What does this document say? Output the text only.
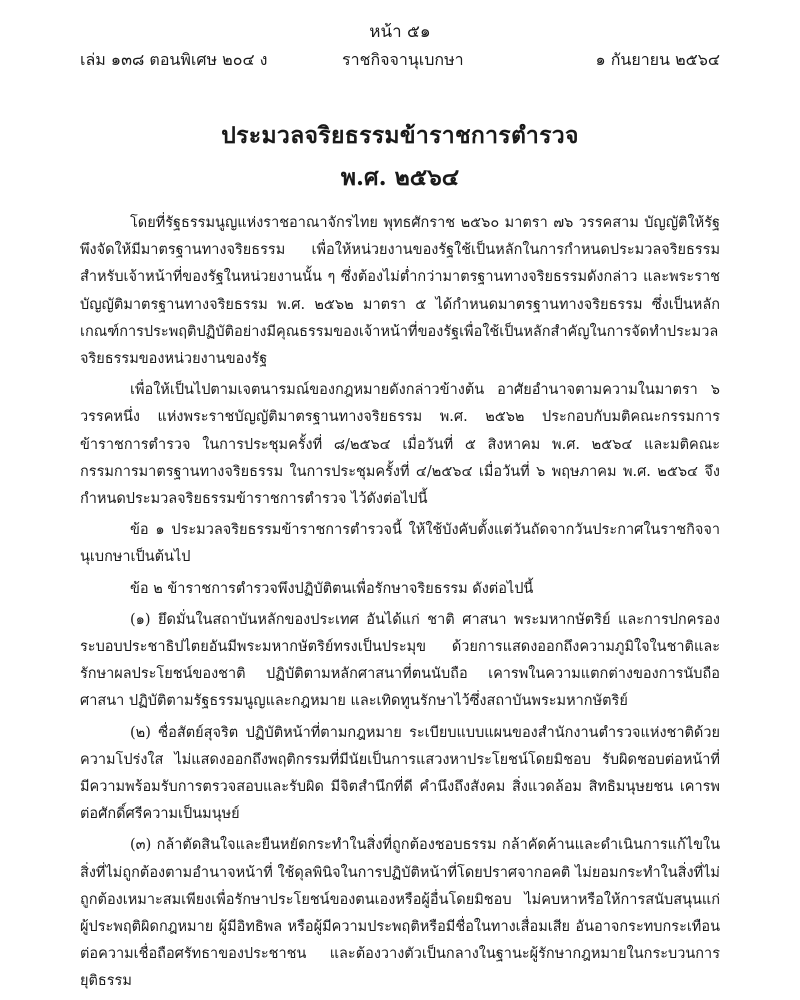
หน้า ๕๑
เล่ม ๑๓๘ ตอนพิเศษ ๒๐๔ ง	ราชกิจจานุเบกษา	๑ กันยายน ๒๕๖๔
ประมวลจริยธรรมข้าราชการตำรวจ
พ.ศ. ๒๕๖๔

โดยที่รัฐธรรมนูญแห่งราชอาณาจักรไทย พุทธศักราช ๒๕๖๐ มาตรา ๗๖ วรรคสาม บัญญัติให้รัฐพึงจัดให้มีมาตรฐานทางจริยธรรม เพื่อให้หน่วยงานของรัฐใช้เป็นหลักในการกำหนดประมวลจริยธรรมสำหรับเจ้าหน้าที่ของรัฐในหน่วยงานนั้น ๆ ซึ่งต้องไม่ต่ำกว่ามาตรฐานทางจริยธรรมดังกล่าว และพระราชบัญญัติมาตรฐานทางจริยธรรม พ.ศ. ๒๕๖๒ มาตรา ๕ ได้กำหนดมาตรฐานทางจริยธรรม ซึ่งเป็นหลักเกณฑ์การประพฤติปฏิบัติอย่างมีคุณธรรมของเจ้าหน้าที่ของรัฐเพื่อใช้เป็นหลักสำคัญในการจัดทำประมวลจริยธรรมของหน่วยงานของรัฐ

เพื่อให้เป็นไปตามเจตนารมณ์ของกฎหมายดังกล่าวข้างต้น อาศัยอำนาจตามความในมาตรา ๖ วรรคหนึ่ง แห่งพระราชบัญญัติมาตรฐานทางจริยธรรม พ.ศ. ๒๕๖๒ ประกอบกับมติคณะกรรมการข้าราชการตำรวจ ในการประชุมครั้งที่ ๘/๒๕๖๔ เมื่อวันที่ ๕ สิงหาคม พ.ศ. ๒๕๖๔ และมติคณะกรรมการมาตรฐานทางจริยธรรม ในการประชุมครั้งที่ ๔/๒๕๖๔ เมื่อวันที่ ๖ พฤษภาคม พ.ศ. ๒๕๖๔ จึงกำหนดประมวลจริยธรรมข้าราชการตำรวจ ไว้ดังต่อไปนี้

ข้อ ๑ ประมวลจริยธรรมข้าราชการตำรวจนี้ ให้ใช้บังคับตั้งแต่วันถัดจากวันประกาศในราชกิจจานุเบกษาเป็นต้นไป

ข้อ ๒ ข้าราชการตำรวจพึงปฏิบัติตนเพื่อรักษาจริยธรรม ดังต่อไปนี้

(๑) ยึดมั่นในสถาบันหลักของประเทศ อันได้แก่ ชาติ ศาสนา พระมหากษัตริย์ และการปกครองระบอบประชาธิปไตยอันมีพระมหากษัตริย์ทรงเป็นประมุข ด้วยการแสดงออกถึงความภูมิใจในชาติและรักษาผลประโยชน์ของชาติ ปฏิบัติตามหลักศาสนาที่ตนนับถือ เคารพในความแตกต่างของการนับถือศาสนา ปฏิบัติตามรัฐธรรมนูญและกฎหมาย และเทิดทูนรักษาไว้ซึ่งสถาบันพระมหากษัตริย์

(๒) ซื่อสัตย์สุจริต ปฏิบัติหน้าที่ตามกฎหมาย ระเบียบแบบแผนของสำนักงานตำรวจแห่งชาติด้วยความโปร่งใส ไม่แสดงออกถึงพฤติกรรมที่มีนัยเป็นการแสวงหาประโยชน์โดยมิชอบ รับผิดชอบต่อหน้าที่ มีความพร้อมรับการตรวจสอบและรับผิด มีจิตสำนึกที่ดี คำนึงถึงสังคม สิ่งแวดล้อม สิทธิมนุษยชน เคารพต่อศักดิ์ศรีความเป็นมนุษย์

(๓) กล้าตัดสินใจและยืนหยัดกระทำในสิ่งที่ถูกต้องชอบธรรม กล้าคัดค้านและดำเนินการแก้ไขในสิ่งที่ไม่ถูกต้องตามอำนาจหน้าที่ ใช้ดุลพินิจในการปฏิบัติหน้าที่โดยปราศจากอคติ ไม่ยอมกระทำในสิ่งที่ไม่ถูกต้องเหมาะสมเพียงเพื่อรักษาประโยชน์ของตนเองหรือผู้อื่นโดยมิชอบ ไม่คบหาหรือให้การสนับสนุนแก่ผู้ประพฤติผิดกฎหมาย ผู้มีอิทธิพล หรือผู้มีความประพฤติหรือมีชื่อในทางเสื่อมเสีย อันอาจกระทบกระเทือนต่อความเชื่อถือศรัทธาของประชาชน และต้องวางตัวเป็นกลางในฐานะผู้รักษากฎหมายในกระบวนการยุติธรรม
